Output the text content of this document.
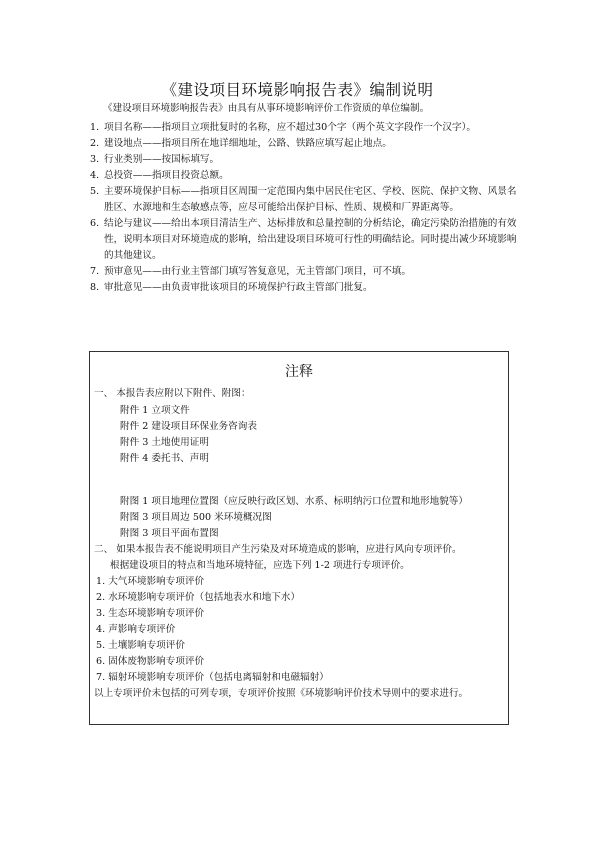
《建设项目环境影响报告表》编制说明
《建设项目环境影响报告表》由具有从事环境影响评价工作资质的单位编制。
1. 项目名称——指项目立项批复时的名称，应不超过30个字（两个英文字段作一个汉字）。
2. 建设地点——指项目所在地详细地址，公路、铁路应填写起止地点。
3. 行业类别——按国标填写。
4. 总投资——指项目投资总额。
5. 主要环境保护目标——指项目区周围一定范围内集中居民住宅区、学校、医院、保护文物、风景名胜区、水源地和生态敏感点等，应尽可能给出保护目标、性质、规模和厂界距离等。
6. 结论与建议——给出本项目清洁生产、达标排放和总量控制的分析结论，确定污染防治措施的有效性，说明本项目对环境造成的影响，给出建设项目环境可行性的明确结论。同时提出减少环境影响的其他建议。
7. 预审意见——由行业主管部门填写答复意见，无主管部门项目，可不填。
8. 审批意见——由负责审批该项目的环境保护行政主管部门批复。
注释
一、 本报告表应附以下附件、附图：
附件 1 立项文件
附件 2 建设项目环保业务咨询表
附件 3 土地使用证明
附件 4 委托书、声明
附图 1 项目地理位置图（应反映行政区划、水系、标明纳污口位置和地形地貌等）
附图 3 项目周边 500 米环境概况图
附图 3 项目平面布置图
二、 如果本报告表不能说明项目产生污染及对环境造成的影响，应进行风向专项评价。
根据建设项目的特点和当地环境特征，应选下列 1-2 项进行专项评价。
1. 大气环境影响专项评价
2. 水环境影响专项评价（包括地表水和地下水）
3. 生态环境影响专项评价
4. 声影响专项评价
5. 土壤影响专项评价
6. 固体废物影响专项评价
7. 辐射环境影响专项评价（包括电离辐射和电磁辐射）
以上专项评价未包括的可列专项，专项评价按照《环境影响评价技术导则中的要求进行。
